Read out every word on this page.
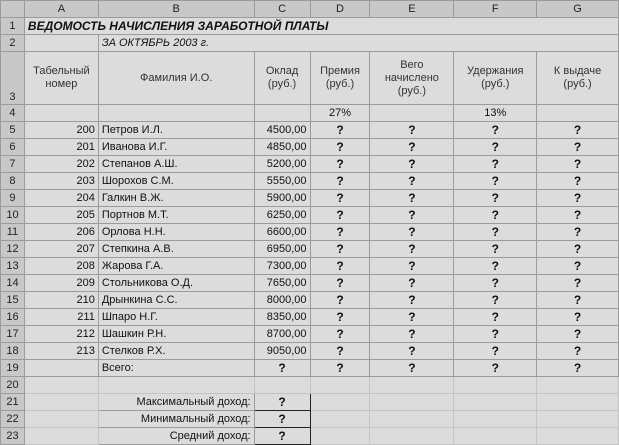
	A	B	C	D	E	F	G
1	ВЕДОМОСТЬ НАЧИСЛЕНИЯ ЗАРАБОТНОЙ ПЛАТЫ						
2		ЗА ОКТЯБРЬ 2003 г.					
3	Табельный номер	Фамилия И.О.	Оклад (руб.)	Премия (руб.)	Вего начислено (руб.)	Удержания (руб.)	К выдаче (руб.)
4				27%		13%	
5	200	Петров И.Л.	4500,00	?	?	?	?
6	201	Иванова И.Г.	4850,00	?	?	?	?
7	202	Степанов А.Ш.	5200,00	?	?	?	?
8	203	Шорохов С.М.	5550,00	?	?	?	?
9	204	Галкин В.Ж.	5900,00	?	?	?	?
10	205	Портнов М.Т.	6250,00	?	?	?	?
11	206	Орлова Н.Н.	6600,00	?	?	?	?
12	207	Степкина А.В.	6950,00	?	?	?	?
13	208	Жарова Г.А.	7300,00	?	?	?	?
14	209	Стольникова О.Д.	7650,00	?	?	?	?
15	210	Дрынкина С.С.	8000,00	?	?	?	?
16	211	Шпаро Н.Г.	8350,00	?	?	?	?
17	212	Шашкин Р.Н.	8700,00	?	?	?	?
18	213	Стелков Р.Х.	9050,00	?	?	?	?
19		Всего:	?	?	?	?	?
20							
21		Максимальный доход:	?				
22		Минимальный доход:	?				
23		Средний доход:	?				
